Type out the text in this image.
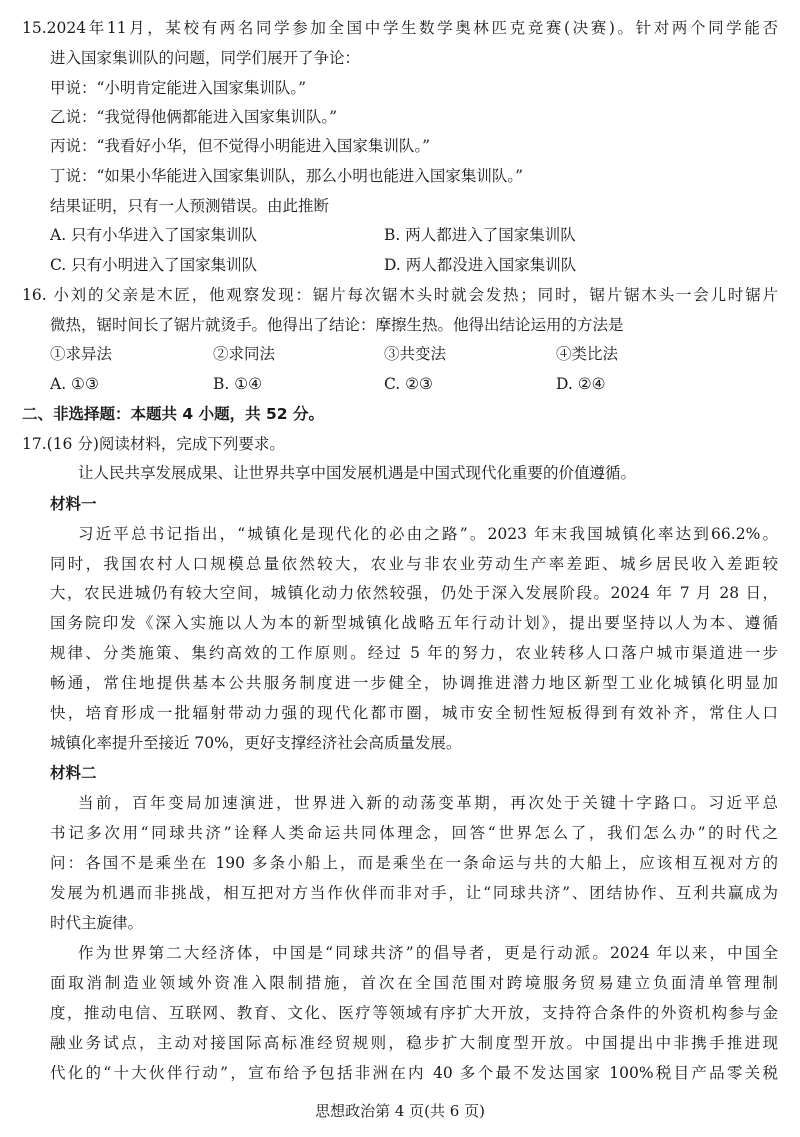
15.2024年11月，某校有两名同学参加全国中学生数学奥林匹克竞赛(决赛)。针对两个同学能否
进入国家集训队的问题，同学们展开了争论：
甲说：“小明肯定能进入国家集训队。”
乙说：“我觉得他俩都能进入国家集训队。”
丙说：“我看好小华，但不觉得小明能进入国家集训队。”
丁说：“如果小华能进入国家集训队，那么小明也能进入国家集训队。”
结果证明，只有一人预测错误。由此推断
A. 只有小华进入了国家集训队	B. 两人都进入了国家集训队
C. 只有小明进入了国家集训队	D. 两人都没进入国家集训队
16. 小刘的父亲是木匠，他观察发现：锯片每次锯木头时就会发热；同时，锯片锯木头一会儿时锯片
微热，锯时间长了锯片就烫手。他得出了结论：摩擦生热。他得出结论运用的方法是
①求异法	②求同法	③共变法	④类比法
A. ①③	B. ①④	C. ②③	D. ②④
二、非选择题：本题共 4 小题，共 52 分。
17.(16 分)阅读材料，完成下列要求。
让人民共享发展成果、让世界共享中国发展机遇是中国式现代化重要的价值遵循。
材料一
习近平总书记指出，“城镇化是现代化的必由之路”。2023 年末我国城镇化率达到66.2%。
同时，我国农村人口规模总量依然较大，农业与非农业劳动生产率差距、城乡居民收入差距较
大，农民进城仍有较大空间，城镇化动力依然较强，仍处于深入发展阶段。2024 年 7 月 28 日，
国务院印发《深入实施以人为本的新型城镇化战略五年行动计划》，提出要坚持以人为本、遵循
规律、分类施策、集约高效的工作原则。经过 5 年的努力，农业转移人口落户城市渠道进一步
畅通，常住地提供基本公共服务制度进一步健全，协调推进潜力地区新型工业化城镇化明显加
快，培育形成一批辐射带动力强的现代化都市圈，城市安全韧性短板得到有效补齐，常住人口
城镇化率提升至接近 70%，更好支撑经济社会高质量发展。
材料二
当前，百年变局加速演进，世界进入新的动荡变革期，再次处于关键十字路口。习近平总
书记多次用“同球共济”诠释人类命运共同体理念，回答“世界怎么了，我们怎么办”的时代之
问：各国不是乘坐在 190 多条小船上，而是乘坐在一条命运与共的大船上，应该相互视对方的
发展为机遇而非挑战，相互把对方当作伙伴而非对手，让“同球共济”、团结协作、互利共赢成为
时代主旋律。
作为世界第二大经济体，中国是“同球共济”的倡导者，更是行动派。2024 年以来，中国全
面取消制造业领域外资准入限制措施，首次在全国范围对跨境服务贸易建立负面清单管理制
度，推动电信、互联网、教育、文化、医疗等领域有序扩大开放，支持符合条件的外资机构参与金
融业务试点，主动对接国际高标准经贸规则，稳步扩大制度型开放。中国提出中非携手推进现
代化的“十大伙伴行动”，宣布给予包括非洲在内 40 多个最不发达国家 100%税目产品零关税
思想政治第 4 页(共 6 页)
